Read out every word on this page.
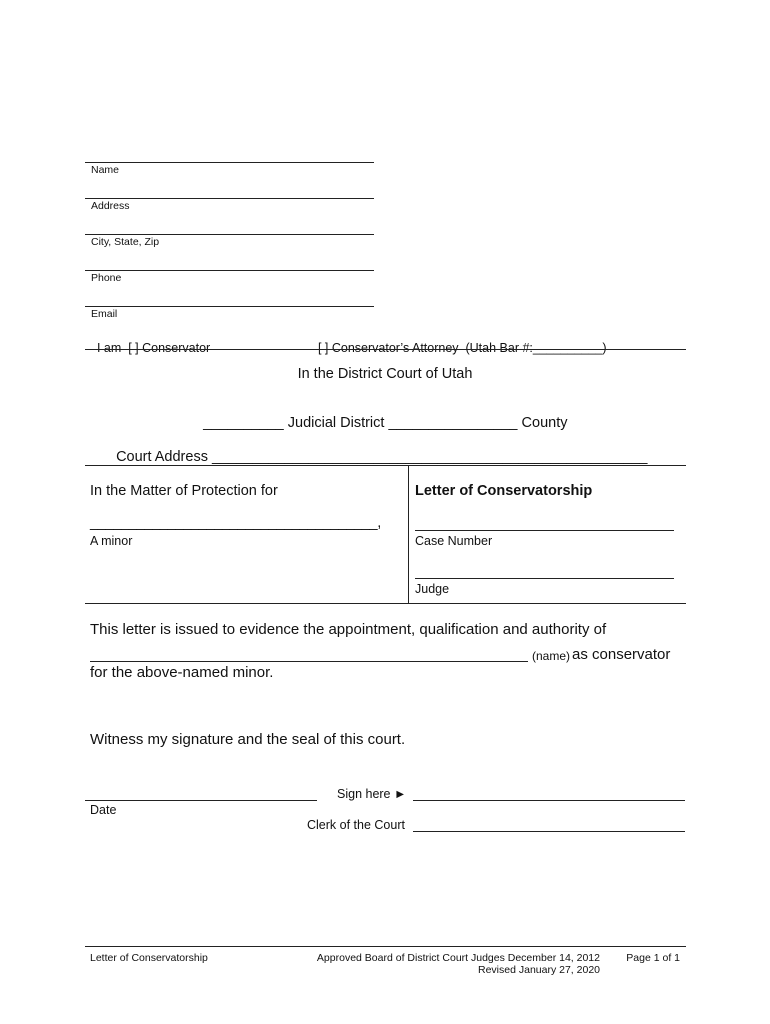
Name
Address
City, State, Zip
Phone
Email

I am [ ] Conservator	[ ] Conservator’s Attorney  (Utah Bar #:__________)

In the District Court of Utah

__________ Judicial District ________________ County

Court Address ______________________________________________________

In the Matter of Protection for
_____________________________________,
A minor
Letter of Conservatorship
Case Number
Judge
This letter is issued to evidence the appointment, qualification and authority of
(name) as conservator
for the above-named minor.
Witness my signature and the seal of this court.
Date
Sign here ►
Clerk of the Court
Letter of Conservatorship	Approved Board of District Court Judges December 14, 2012
Revised January 27, 2020
Page 1 of 1
